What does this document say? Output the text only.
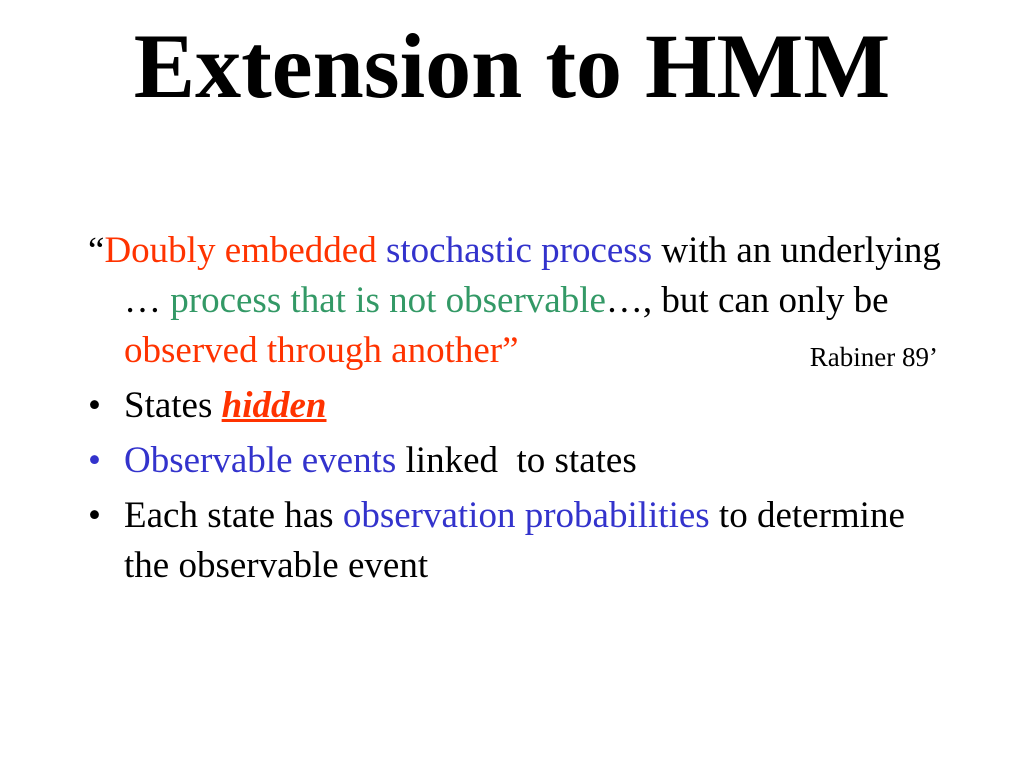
Extension to HMM

“Doubly embedded stochastic process with an underlying … process that is not observable…, but can only be observed through another”	Rabiner 89’

• States hidden
• Observable events linked  to states
• Each state has observation probabilities to determine the observable event
